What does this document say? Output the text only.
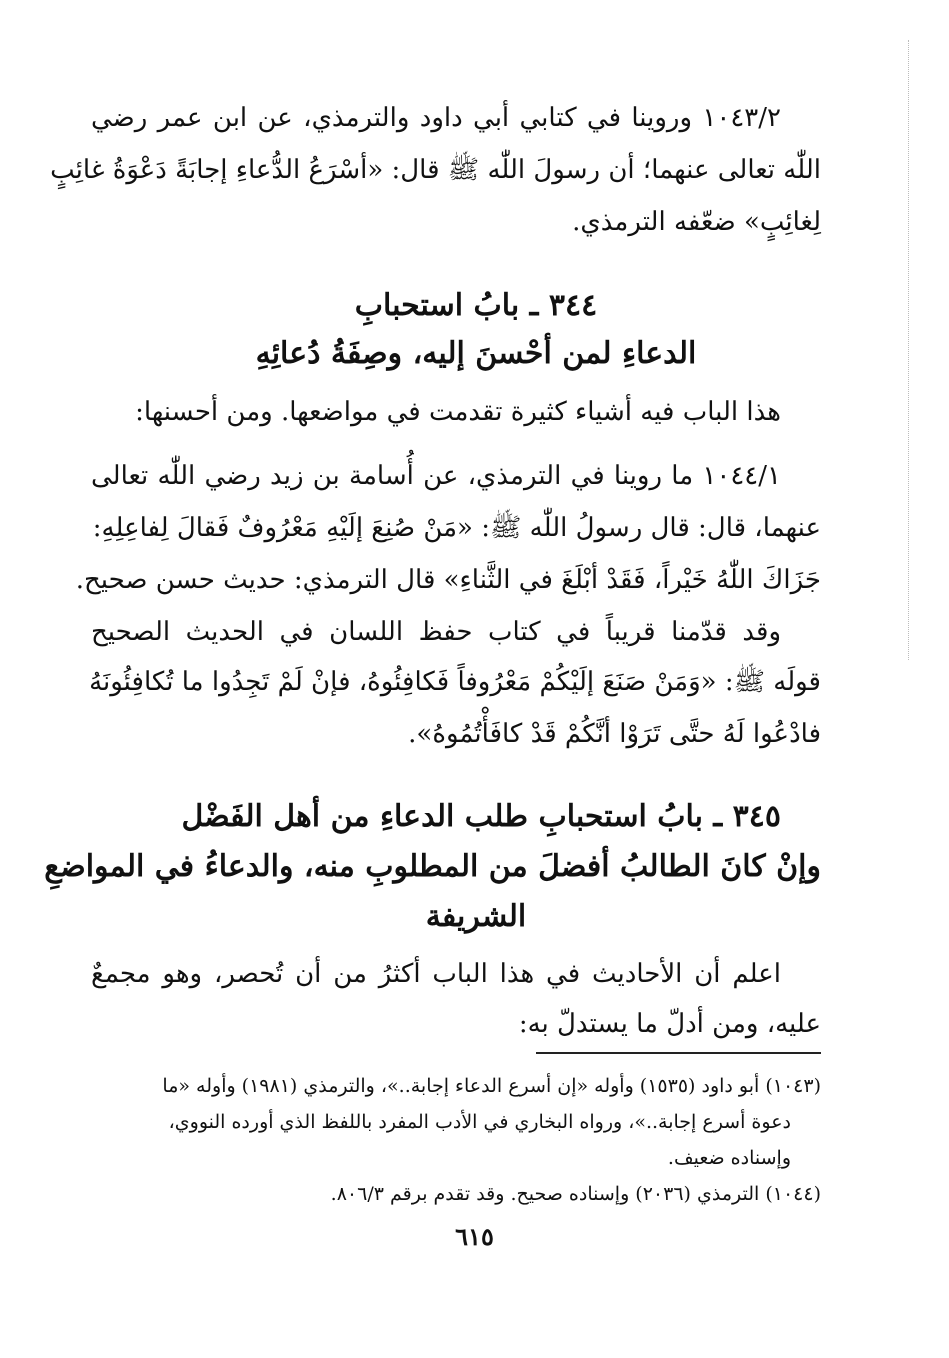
١٠٤٣/٢ وروينا في كتابي أبي داود والترمذي، عن ابن عمر رضي
اللّٰه تعالى عنهما؛ أن رسولَ اللّٰه ﷺ قال: «أسْرَعُ الدُّعاءِ إجابَةً دَعْوَةُ غائِبٍ
لِغائِبٍ» ضعّفه الترمذي.
٣٤٤ ـ بابُ استحبابِ
الدعاءِ لمن أحْسنَ إليه، وصِفَةُ دُعائِهِ
هذا الباب فيه أشياء كثيرة تقدمت في مواضعها. ومن أحسنها:
١٠٤٤/١ ما روينا في الترمذي، عن أُسامة بن زيد رضي اللّٰه تعالى
عنهما، قال: قال رسولُ اللّٰه ﷺ: «مَنْ صُنِعَ إلَيْهِ مَعْرُوفٌ فَقالَ لِفاعِلِهِ:
جَزَاكَ اللّٰهُ خَيْراً، فَقَدْ أبْلَغَ في الثَّناءِ» قال الترمذي: حديث حسن صحيح.
وقد قدّمنا قريباً في كتاب حفظ اللسان في الحديث الصحيح
قولَه ﷺ: «وَمَنْ صَنَعَ إلَيْكُمْ مَعْرُوفاً فَكافِئُوهُ، فإنْ لَمْ تَجِدُوا ما تُكافِئُونَهُ
فادْعُوا لَهُ حتَّى تَرَوْا أنَّكُمْ قَدْ كافَأْتُمُوهُ».
٣٤٥ ـ بابُ استحبابِ طلب الدعاءِ من أهل الفَضْل
وإنْ كانَ الطالبُ أفضلَ من المطلوبِ منه، والدعاءُ في المواضعِ
الشريفة
اعلم أن الأحاديث في هذا الباب أكثرُ من أن تُحصر، وهو مجمعٌ
عليه، ومن أدلّ ما يستدلّ به:
(١٠٤٣) أبو داود (١٥٣٥) وأوله «إن أسرع الدعاء إجابة..»، والترمذي (١٩٨١) وأوله «ما
دعوة أسرع إجابة..»، ورواه البخاري في الأدب المفرد باللفظ الذي أورده النووي،
وإسناده ضعيف.
(١٠٤٤) الترمذي (٢٠٣٦) وإسناده صحيح. وقد تقدم برقم ٨٠٦/٣.
٦١٥
